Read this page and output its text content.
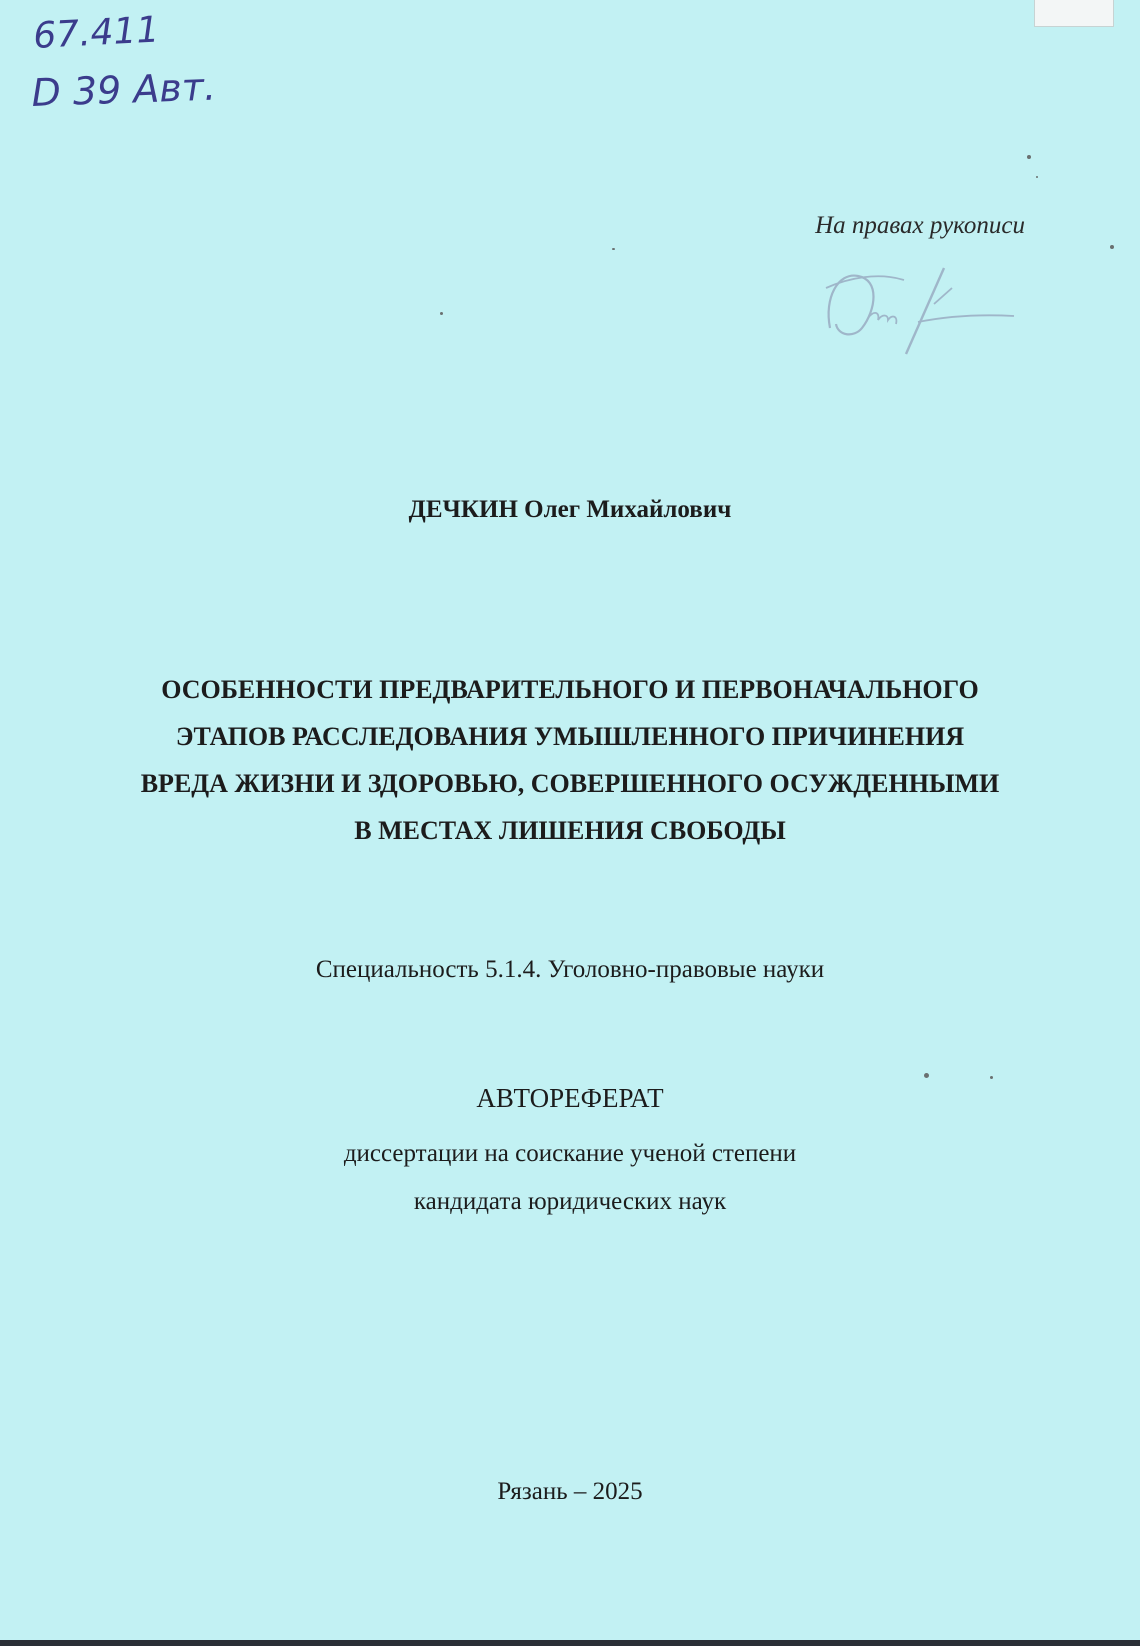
67.411
D 39 Авт.
На правах рукописи
ДЕЧКИН Олег Михайлович
ОСОБЕННОСТИ ПРЕДВАРИТЕЛЬНОГО И ПЕРВОНАЧАЛЬНОГО
ЭТАПОВ РАССЛЕДОВАНИЯ УМЫШЛЕННОГО ПРИЧИНЕНИЯ
ВРЕДА ЖИЗНИ И ЗДОРОВЬЮ, СОВЕРШЕННОГО ОСУЖДЕННЫМИ
В МЕСТАХ ЛИШЕНИЯ СВОБОДЫ
Специальность 5.1.4. Уголовно-правовые науки
АВТОРЕФЕРАТ
диссертации на соискание ученой степени
кандидата юридических наук
Рязань – 2025
